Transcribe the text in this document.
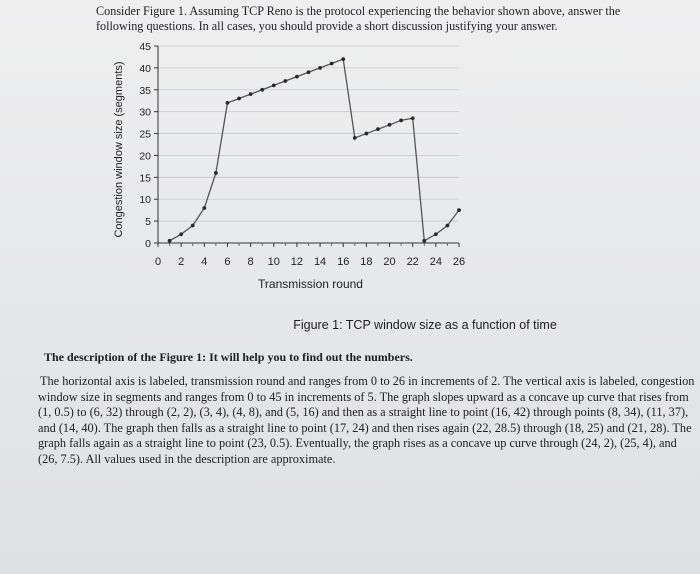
Consider Figure 1. Assuming TCP Reno is the protocol experiencing the behavior shown above, answer the following questions. In all cases, you should provide a short discussion justifying your answer.

0
5
10
15
20
25
30
35
40
45
0 2 4 6 8 10 12 14 16 18 20 22 24 26
Transmission round
Congestion window size (segments)

Figure 1: TCP window size as a function of time

The description of the Figure 1: It will help you to find out the numbers.

The horizontal axis is labeled, transmission round and ranges from 0 to 26 in increments of 2. The vertical axis is labeled, congestion window size in segments and ranges from 0 to 45 in increments of 5. The graph slopes upward as a concave up curve that rises from (1, 0.5) to (6, 32) through (2, 2), (3, 4), (4, 8), and (5, 16) and then as a straight line to point (16, 42) through points (8, 34), (11, 37), and (14, 40). The graph then falls as a straight line to point (17, 24) and then rises again (22, 28.5) through (18, 25) and (21, 28). The graph falls again as a straight line to point (23, 0.5). Eventually, the graph rises as a concave up curve through (24, 2), (25, 4), and (26, 7.5). All values used in the description are approximate.
